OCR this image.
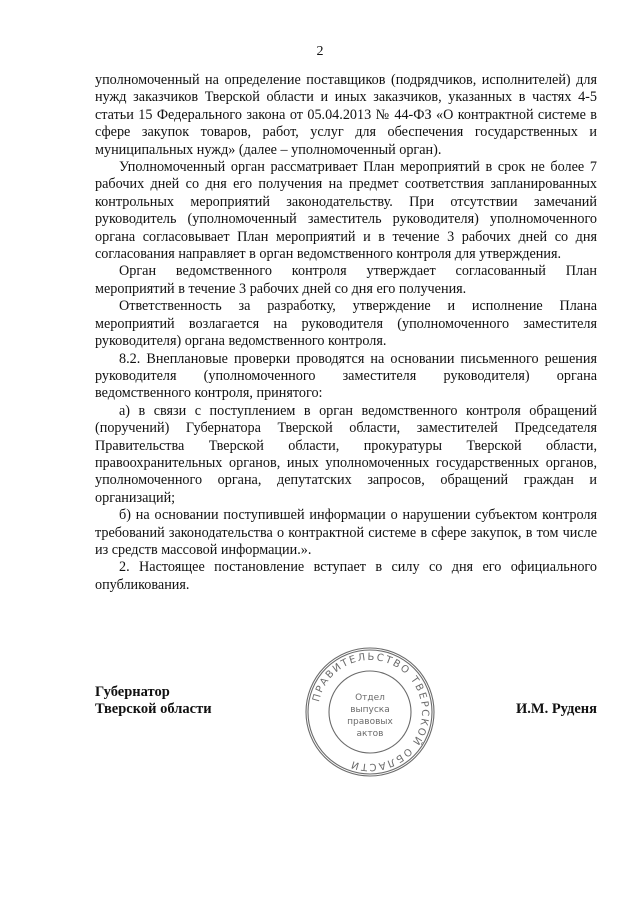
2

уполномоченный на определение поставщиков (подрядчиков, исполнителей) для нужд заказчиков Тверской области и иных заказчиков, указанных в частях 4-5 статьи 15 Федерального закона от 05.04.2013 № 44-ФЗ «О контрактной системе в сфере закупок товаров, работ, услуг для обеспечения государственных и муниципальных нужд» (далее – уполномоченный орган).

Уполномоченный орган рассматривает План мероприятий в срок не более 7 рабочих дней со дня его получения на предмет соответствия запланированных контрольных мероприятий законодательству. При отсутствии замечаний руководитель (уполномоченный заместитель руководителя) уполномоченного органа согласовывает План мероприятий и в течение 3 рабочих дней со дня согласования направляет в орган ведомственного контроля для утверждения.

Орган ведомственного контроля утверждает согласованный План мероприятий в течение 3 рабочих дней со дня его получения.

Ответственность за разработку, утверждение и исполнение Плана мероприятий возлагается на руководителя (уполномоченного заместителя руководителя) органа ведомственного контроля.

8.2. Внеплановые проверки проводятся на основании письменного решения руководителя (уполномоченного заместителя руководителя) органа ведомственного контроля, принятого:

а) в связи с поступлением в орган ведомственного контроля обращений (поручений) Губернатора Тверской области, заместителей Председателя Правительства Тверской области, прокуратуры Тверской области, правоохранительных органов, иных уполномоченных государственных органов, уполномоченного органа, депутатских запросов, обращений граждан и организаций;

б) на основании поступившей информации о нарушении субъектом контроля требований законодательства о контрактной системе в сфере закупок, в том числе из средств массовой информации.».

2. Настоящее постановление вступает в силу со дня его официального опубликования.

Губернатор
Тверской области	И.М. Руденя
ПРАВИТЕЛЬСТВО ТВЕРСКОЙ ОБЛАСТИ
Отдел
выпуска
правовых
актов
